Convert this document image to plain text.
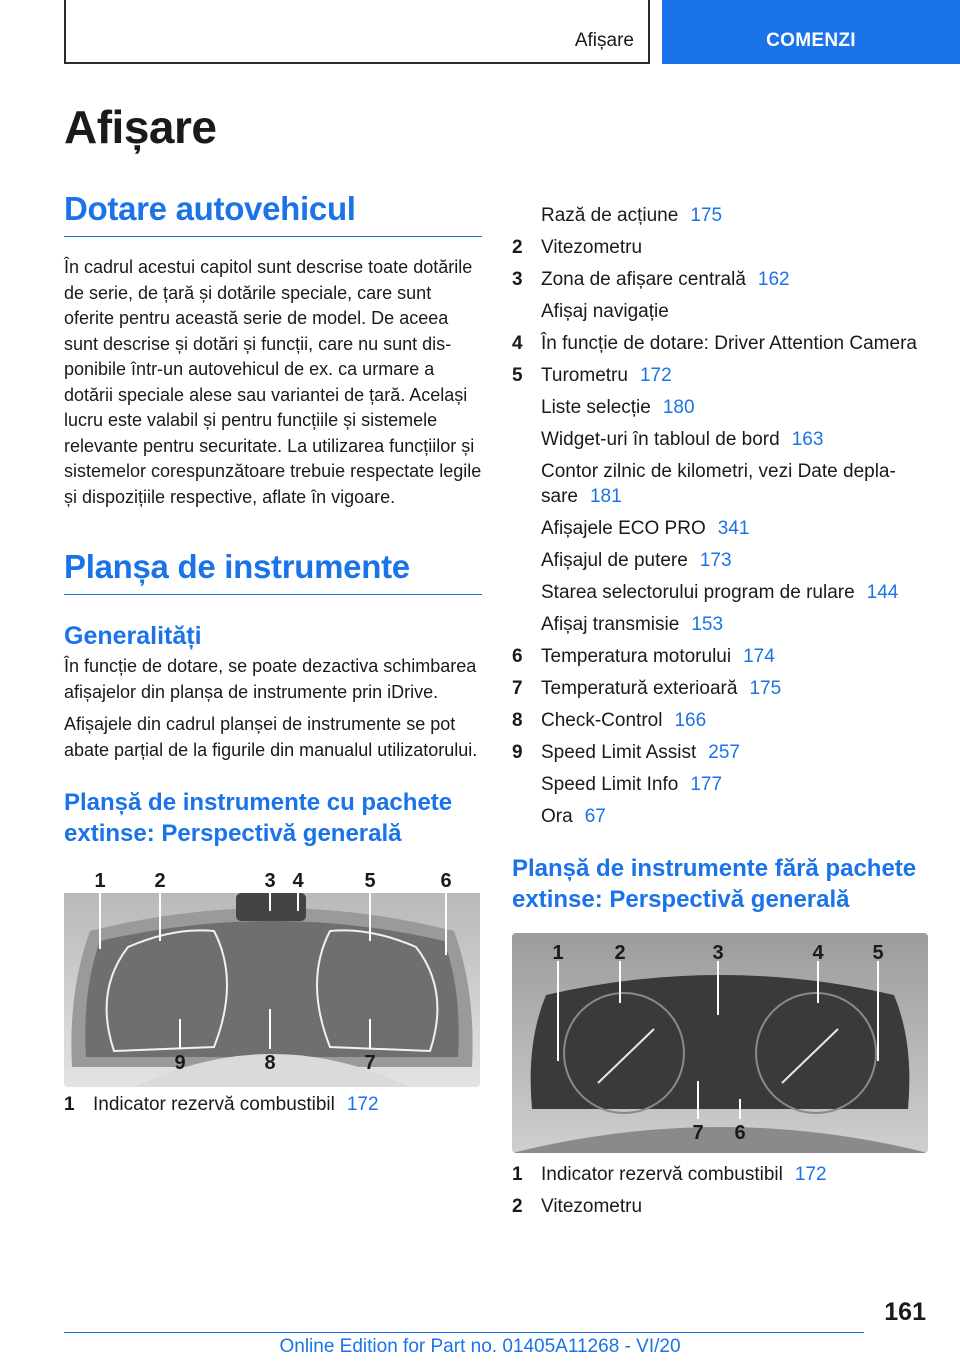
Afișare	COMENZI
Afișare
Dotare autovehicul

În cadrul acestui capitol sunt descrise toate dotările de serie, de țară și dotările speciale, care sunt oferite pentru această serie de model. De aceea sunt descrise și dotări și funcții, care nu sunt disponibile într-un autovehicul de ex. ca urmare a dotării speciale alese sau variantei de țară. Același lucru este valabil și pentru funcțiile și sistemele relevante pentru securitate. La utilizarea funcțiilor și sistemelor corespunzătoare trebuie respectate legile și dispozițiile respective, aflate în vigoare.

Planșa de instrumente
Generalități

În funcție de dotare, se poate dezactiva schimbarea afișajelor din planșa de instrumente prin iDrive.

Afișajele din cadrul planșei de instrumente se pot abate parțial de la figurile din manualul utilizatorului.

Planșă de instrumente cu pachete extinse: Perspectivă generală
1 2	3 4	5	6
9	8	7
1 Indicator rezervă combustibil 172
Rază de acțiune 175
2 Vitezometru
3 Zona de afișare centrală 162
Afișaj navigație
4 În funcție de dotare: Driver Attention Camera
5 Turometru 172
Liste selecție 180
Widget-uri în tabloul de bord 163
Contor zilnic de kilometri, vezi Date deplasare 181
Afișajele ECO PRO 341
Afișajul de putere 173
Starea selectorului program de rulare 144
Afișaj transmisie 153
6 Temperatura motorului 174
7 Temperatură exterioară 175
8 Check-Control 166
9 Speed Limit Assist 257
Speed Limit Info 177
Ora 67
Planșă de instrumente fără pachete extinse: Perspectivă generală
1	2	3	4 5
7 6
1 Indicator rezervă combustibil 172
2 Vitezometru
161
Online Edition for Part no. 01405A11268 - VI/20
